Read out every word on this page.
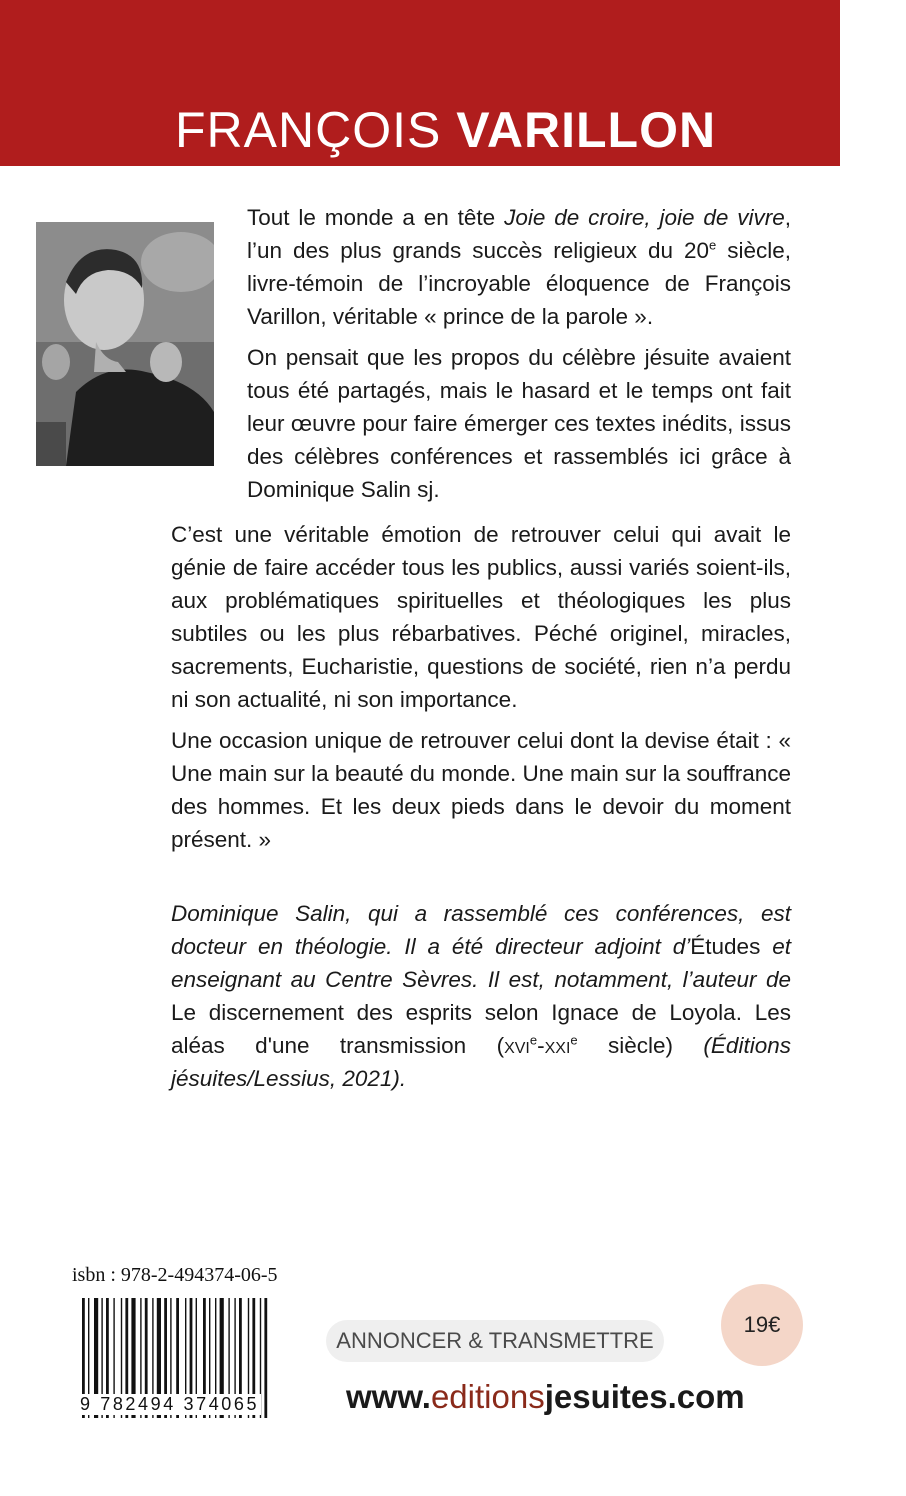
FRANÇOIS VARILLON

Tout le monde a en tête Joie de croire, joie de vivre, l’un des plus grands succès religieux du 20e siècle, livre-témoin de l’incroyable éloquence de François Varillon, véritable « prince de la parole ».

On pensait que les propos du célèbre jésuite avaient tous été partagés, mais le hasard et le temps ont fait leur œuvre pour faire émerger ces textes inédits, issus des célèbres conférences et rassemblés ici grâce à Dominique Salin sj.

C’est une véritable émotion de retrouver celui qui avait le génie de faire accéder tous les publics, aussi variés soient-ils, aux problématiques spirituelles et théologiques les plus subtiles ou les plus rébarbatives. Péché originel, miracles, sacrements, Eucharistie, questions de société, rien n’a perdu ni son actualité, ni son importance.

Une occasion unique de retrouver celui dont la devise était : « Une main sur la beauté du monde. Une main sur la souffrance des hommes. Et les deux pieds dans le devoir du moment présent. »

Dominique Salin, qui a rassemblé ces conférences, est docteur en théologie. Il a été directeur adjoint d’Études et enseignant au Centre Sèvres. Il est, notamment, l’auteur de Le discernement des esprits selon Ignace de Loyola. Les aléas d'une transmission (xvi$^e$-xxi$^e$ siècle) (Éditions jésuites/Lessius, 2021).

isbn : 978-2-494374-06-5
9 782494 374065
ANNONCER & TRANSMETTRE
19€
www.editionsjesuites.com
